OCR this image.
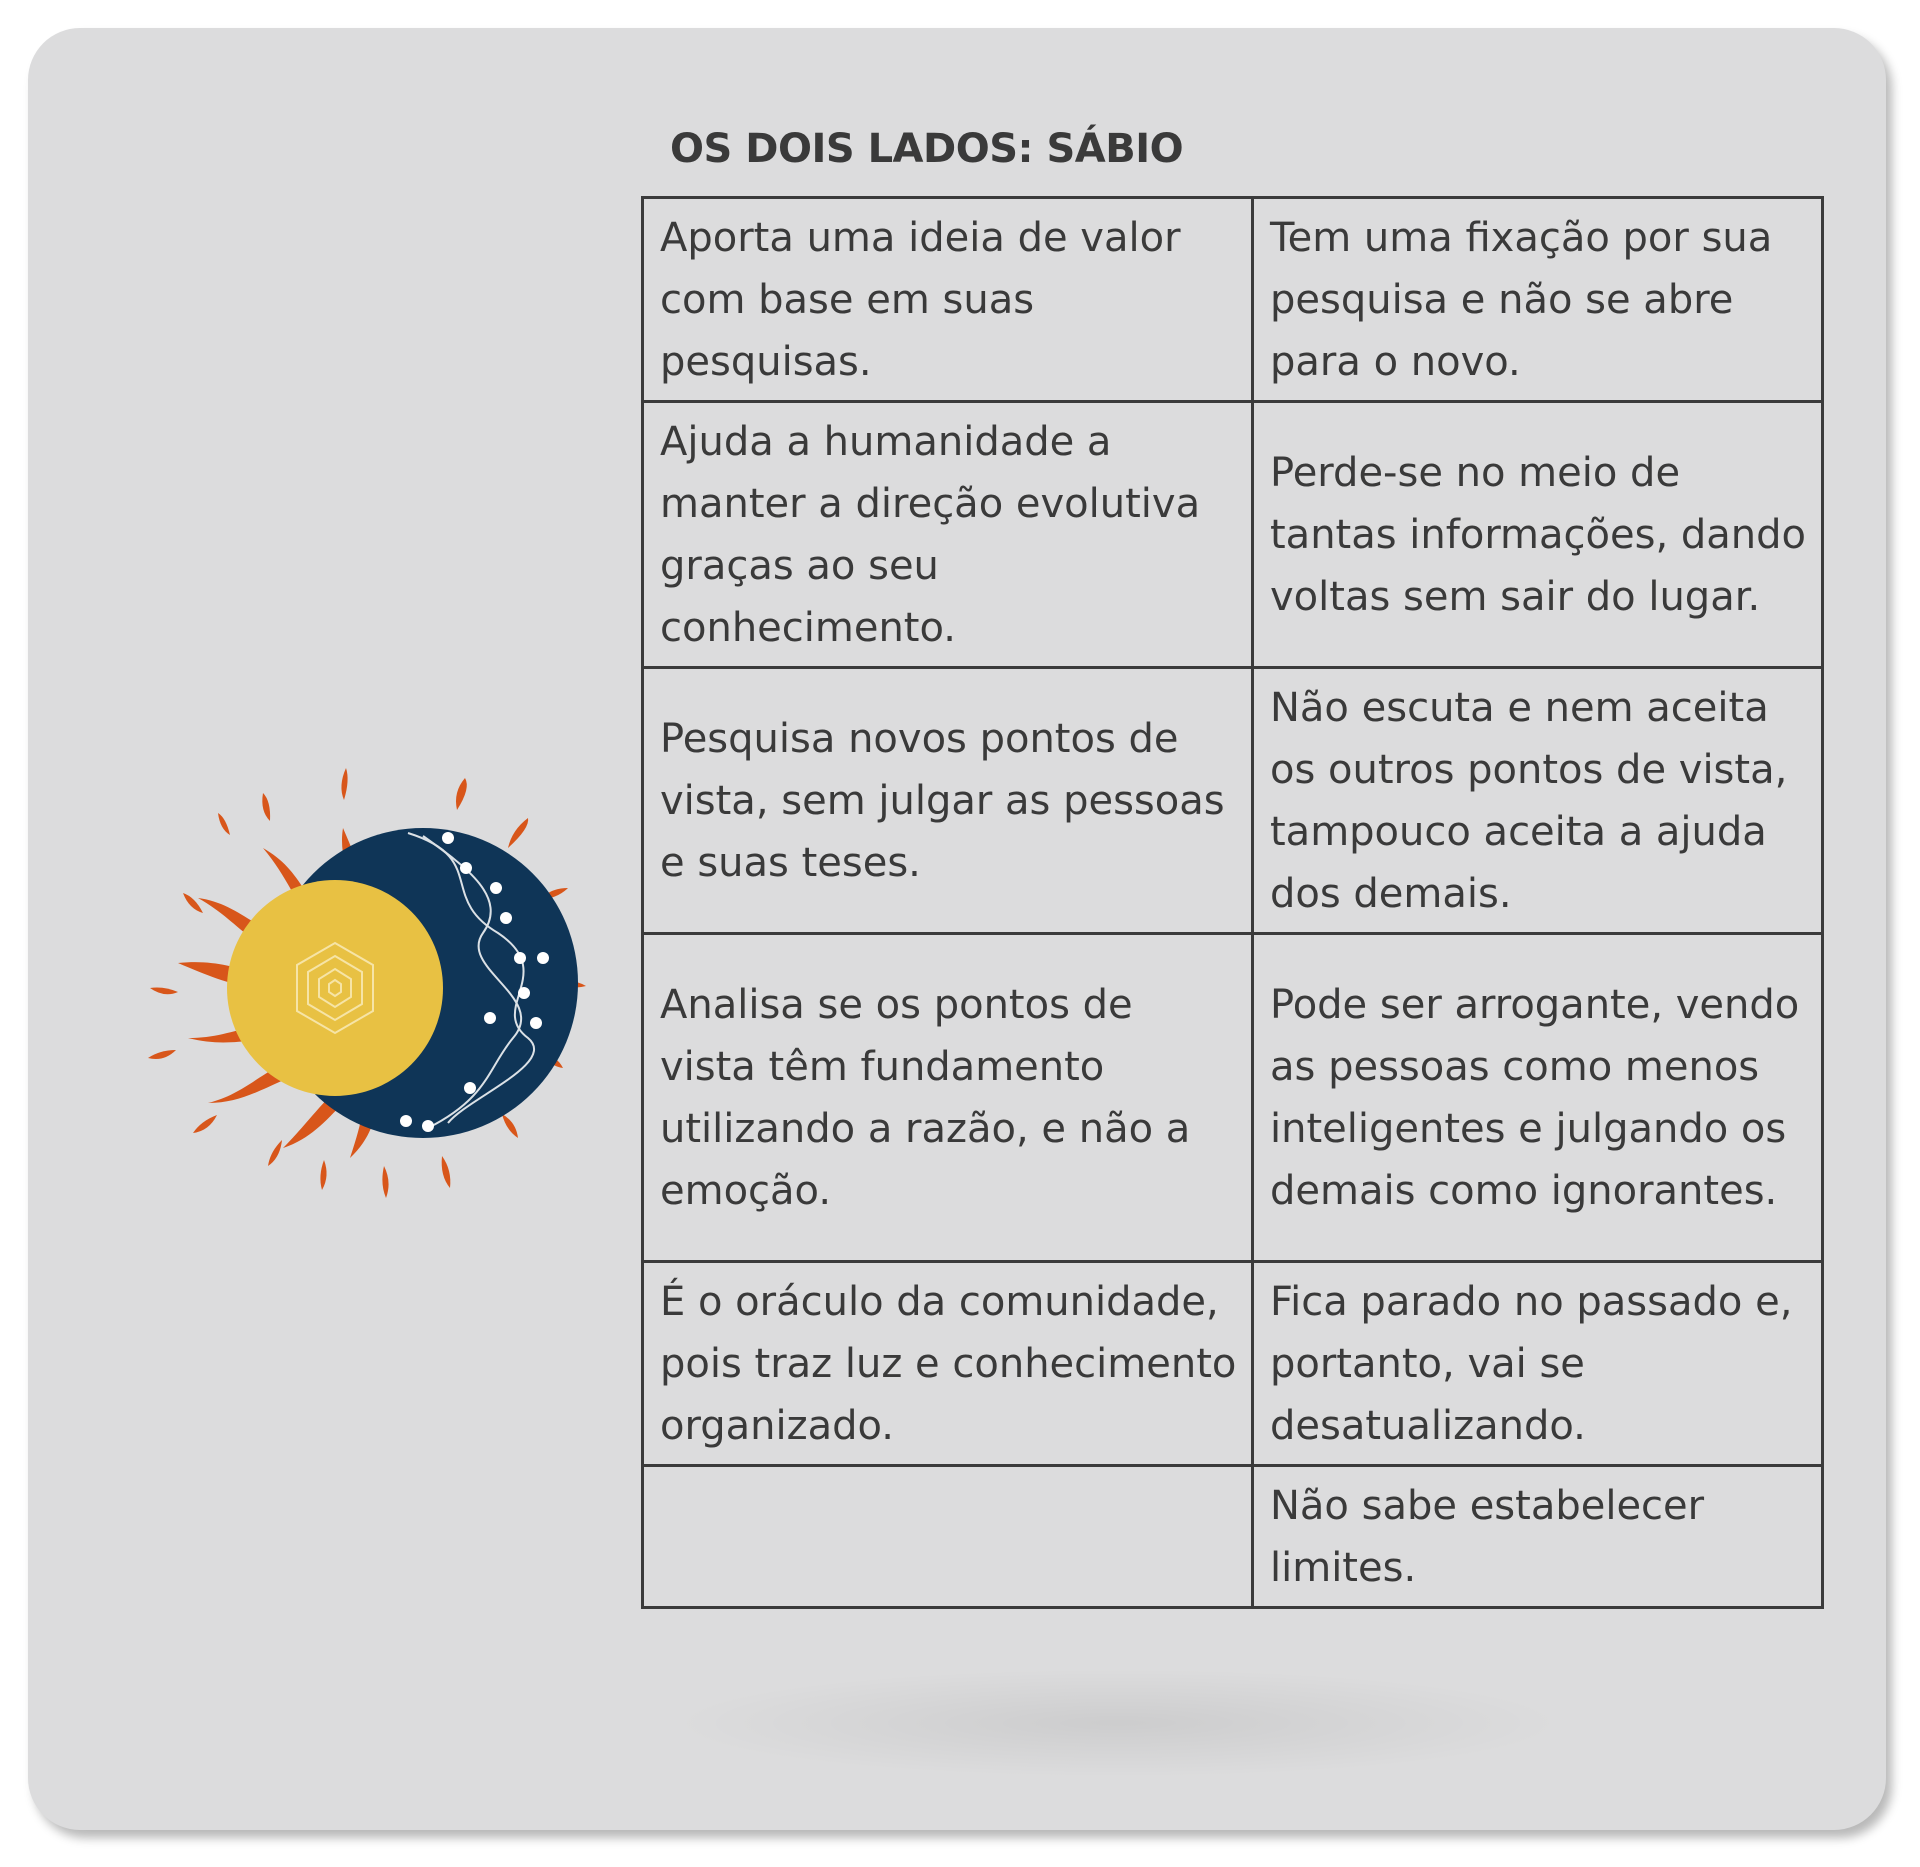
OS DOIS LADOS: SÁBIO
Aporta uma ideia de valor com base em suas pesquisas.	Tem uma fixação por sua pesquisa e não se abre para o novo.
Ajuda a humanidade a manter a direção evolutiva graças ao seu conhecimento.	Perde-se no meio de tantas informações, dando voltas sem sair do lugar.
Pesquisa novos pontos de vista, sem julgar as pessoas e suas teses.	Não escuta e nem aceita os outros pontos de vista, tampouco aceita a ajuda dos demais.
Analisa se os pontos de vista têm fundamento utilizando a razão, e não a emoção.	Pode ser arrogante, vendo as pessoas como menos inteligentes e julgando os demais como ignorantes.
É o oráculo da comunidade, pois traz luz e conhecimento organizado.	Fica parado no passado e, portanto, vai se desatualizando.
	Não sabe estabelecer limites.
